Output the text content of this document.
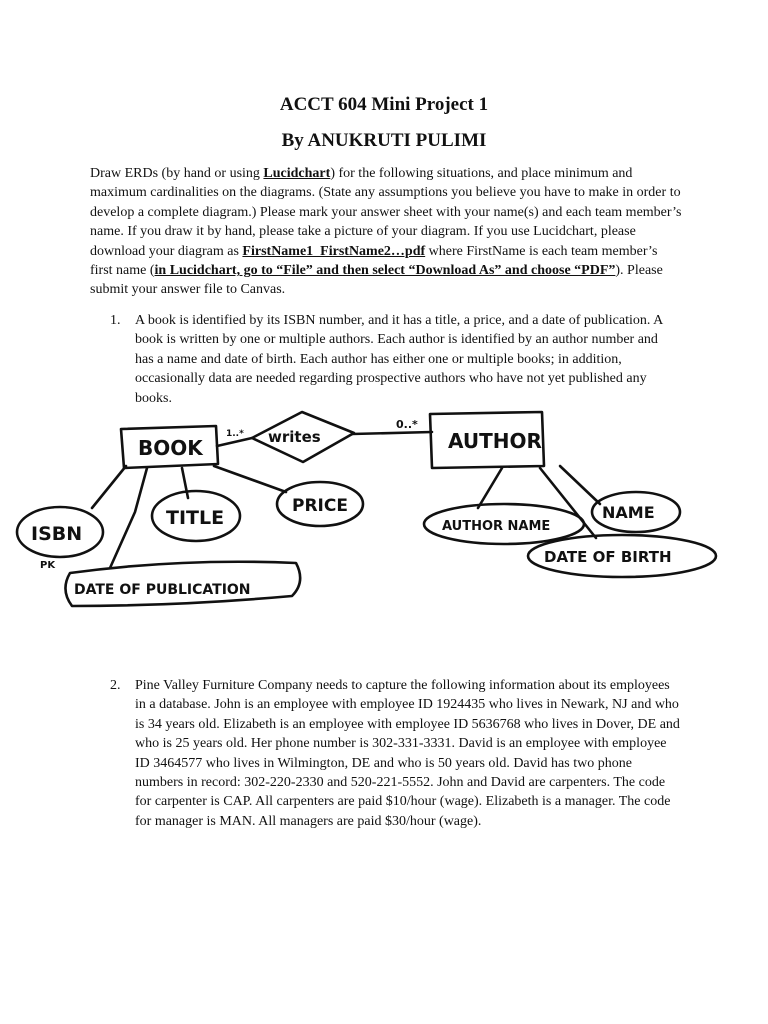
ACCT 604 Mini Project 1
By ANUKRUTI PULIMI
Draw ERDs (by hand or using Lucidchart) for the following situations, and place minimum and maximum cardinalities on the diagrams. (State any assumptions you believe you have to make in order to develop a complete diagram.) Please mark your answer sheet with your name(s) and each team member’s name. If you draw it by hand, please take a picture of your diagram. If you use Lucidchart, please download your diagram as FirstName1_FirstName2…pdf where FirstName is each team member’s first name (in Lucidchart, go to “File” and then select “Download As” and choose “PDF”). Please submit your answer file to Canvas.
1. A book is identified by its ISBN number, and it has a title, a price, and a date of publication. A book is written by one or multiple authors. Each author is identified by an author number and has a name and date of birth. Each author has either one or multiple books; in addition, occasionally data are needed regarding prospective authors who have not yet published any books.
BOOK	writes
1..*
0..*
AUTHOR
ISBN
PK
TITLE
PRICE
DATE OF PUBLICATION
AUTHOR NAME
NAME
DATE OF BIRTH
2. Pine Valley Furniture Company needs to capture the following information about its employees in a database. John is an employee with employee ID 1924435 who lives in Newark, NJ and who is 34 years old. Elizabeth is an employee with employee ID 5636768 who lives in Dover, DE and who is 25 years old. Her phone number is 302-331-3331. David is an employee with employee ID 3464577 who lives in Wilmington, DE and who is 50 years old. David has two phone numbers in record: 302-220-2330 and 520-221-5552. John and David are carpenters. The code for carpenter is CAP. All carpenters are paid $10/hour (wage). Elizabeth is a manager. The code for manager is MAN. All managers are paid $30/hour (wage).
